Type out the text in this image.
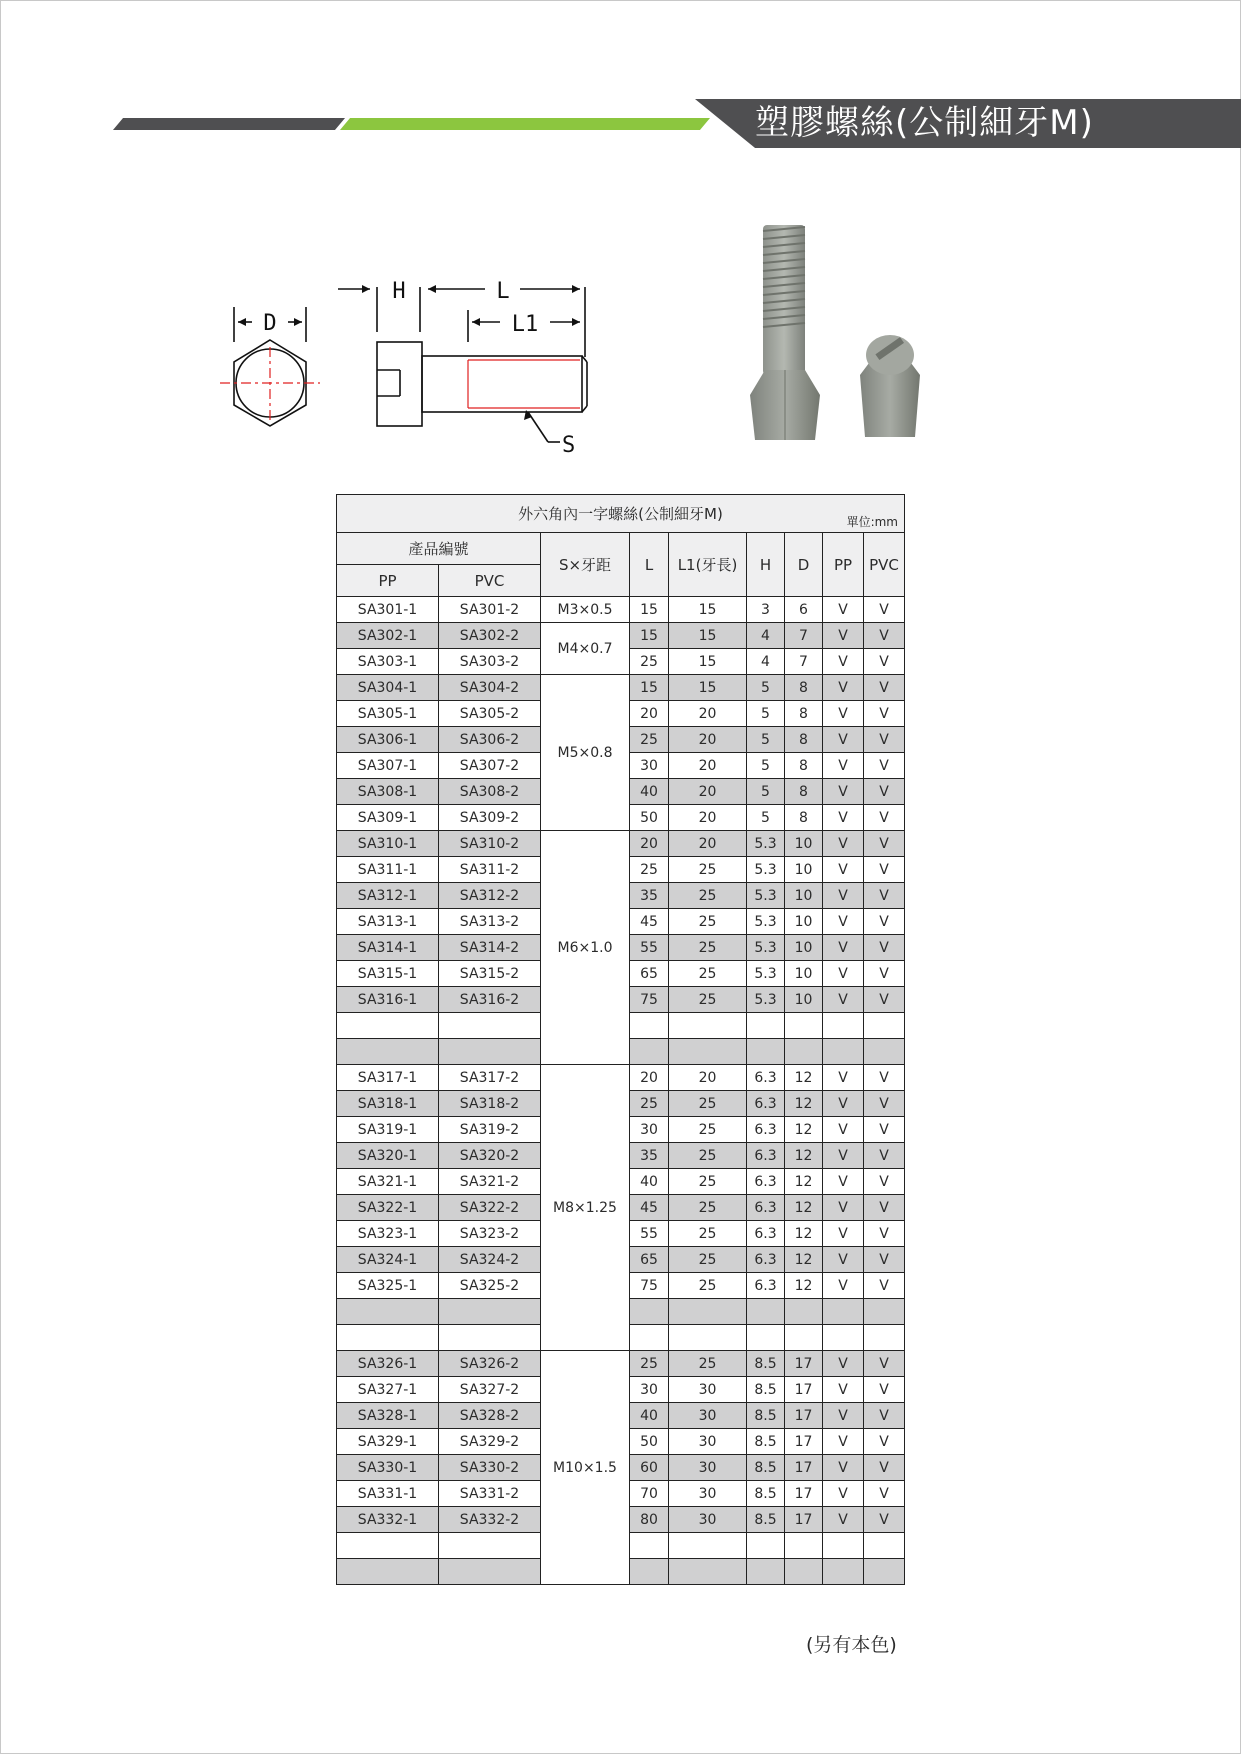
塑膠螺絲(公制細牙M)
D
H	L
L1
S
外六角內一字螺絲(公制細牙M) 單位:mm								

產品編號		S×牙距	L	L1(牙長)	H	D	PP	PVC
PP	PVC							
SA301-1	SA301-2	M3×0.5	15	15	3	6	V	V
SA302-1	SA302-2	M4×0.7	15	15	4	7	V	V
SA303-1	SA303-2		25	15	4	7	V	V
SA304-1	SA304-2	M5×0.8	15	15	5	8	V	V
SA305-1	SA305-2		20	20	5	8	V	V
SA306-1	SA306-2		25	20	5	8	V	V
SA307-1	SA307-2		30	20	5	8	V	V
SA308-1	SA308-2		40	20	5	8	V	V
SA309-1	SA309-2		50	20	5	8	V	V
SA310-1	SA310-2	M6×1.0	20	20	5.3	10	V	V
SA311-1	SA311-2		25	25	5.3	10	V	V
SA312-1	SA312-2		35	25	5.3	10	V	V
SA313-1	SA313-2		45	25	5.3	10	V	V
SA314-1	SA314-2		55	25	5.3	10	V	V
SA315-1	SA315-2		65	25	5.3	10	V	V
SA316-1	SA316-2		75	25	5.3	10	V	V

SA317-1	SA317-2	M8×1.25	20	20	6.3	12	V	V
SA318-1	SA318-2		25	25	6.3	12	V	V
SA319-1	SA319-2		30	25	6.3	12	V	V
SA320-1	SA320-2		35	25	6.3	12	V	V
SA321-1	SA321-2		40	25	6.3	12	V	V
SA322-1	SA322-2		45	25	6.3	12	V	V
SA323-1	SA323-2		55	25	6.3	12	V	V
SA324-1	SA324-2		65	25	6.3	12	V	V
SA325-1	SA325-2		75	25	6.3	12	V	V

SA326-1	SA326-2	M10×1.5	25	25	8.5	17	V	V
SA327-1	SA327-2		30	30	8.5	17	V	V
SA328-1	SA328-2		40	30	8.5	17	V	V
SA329-1	SA329-2		50	30	8.5	17	V	V
SA330-1	SA330-2		60	30	8.5	17	V	V
SA331-1	SA331-2		70	30	8.5	17	V	V
SA332-1	SA332-2		80	30	8.5	17	V	V

(另有本色)
